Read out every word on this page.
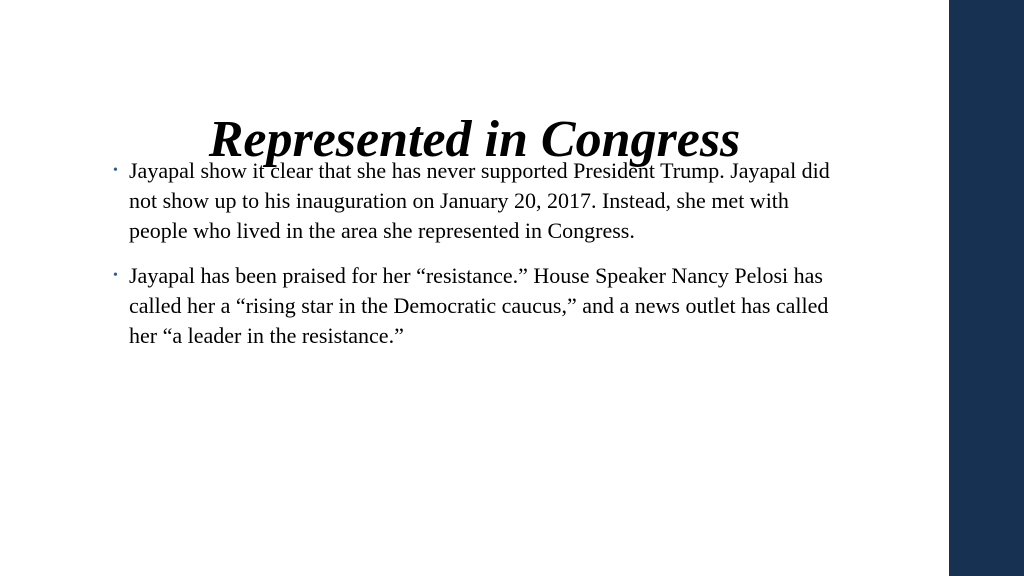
Represented in Congress
• Jayapal show it clear that she has never supported President Trump. Jayapal did not show up to his inauguration on January 20, 2017. Instead, she met with people who lived in the area she represented in Congress.
• Jayapal has been praised for her “resistance.” House Speaker Nancy Pelosi has called her a “rising star in the Democratic caucus,” and a news outlet has called her “a leader in the resistance.”
